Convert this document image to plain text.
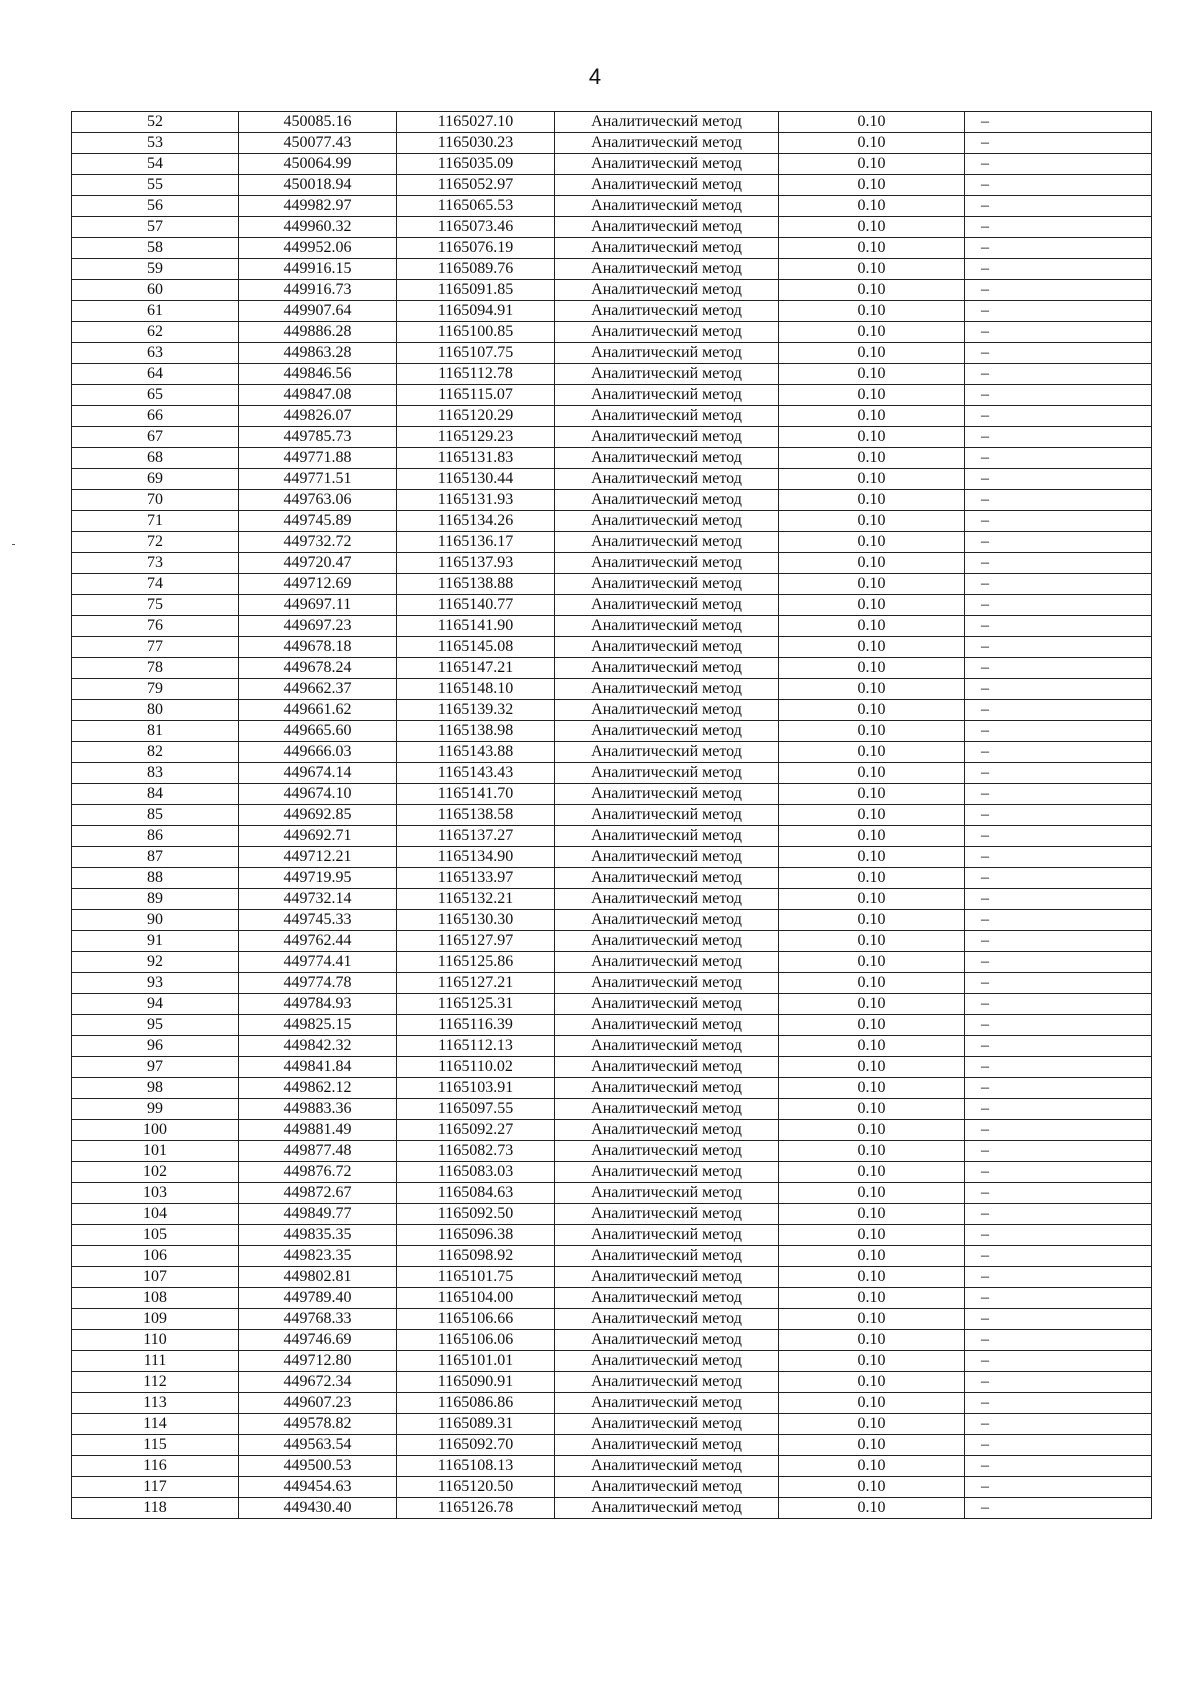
4
52	450085.16	1165027.10	Аналитический метод	0.10	–
53	450077.43	1165030.23	Аналитический метод	0.10	–
54	450064.99	1165035.09	Аналитический метод	0.10	–
55	450018.94	1165052.97	Аналитический метод	0.10	–
56	449982.97	1165065.53	Аналитический метод	0.10	–
57	449960.32	1165073.46	Аналитический метод	0.10	–
58	449952.06	1165076.19	Аналитический метод	0.10	–
59	449916.15	1165089.76	Аналитический метод	0.10	–
60	449916.73	1165091.85	Аналитический метод	0.10	–
61	449907.64	1165094.91	Аналитический метод	0.10	–
62	449886.28	1165100.85	Аналитический метод	0.10	–
63	449863.28	1165107.75	Аналитический метод	0.10	–
64	449846.56	1165112.78	Аналитический метод	0.10	–
65	449847.08	1165115.07	Аналитический метод	0.10	–
66	449826.07	1165120.29	Аналитический метод	0.10	–
67	449785.73	1165129.23	Аналитический метод	0.10	–
68	449771.88	1165131.83	Аналитический метод	0.10	–
69	449771.51	1165130.44	Аналитический метод	0.10	–
70	449763.06	1165131.93	Аналитический метод	0.10	–
71	449745.89	1165134.26	Аналитический метод	0.10	–
72	449732.72	1165136.17	Аналитический метод	0.10	–
73	449720.47	1165137.93	Аналитический метод	0.10	–
74	449712.69	1165138.88	Аналитический метод	0.10	–
75	449697.11	1165140.77	Аналитический метод	0.10	–
76	449697.23	1165141.90	Аналитический метод	0.10	–
77	449678.18	1165145.08	Аналитический метод	0.10	–
78	449678.24	1165147.21	Аналитический метод	0.10	–
79	449662.37	1165148.10	Аналитический метод	0.10	–
80	449661.62	1165139.32	Аналитический метод	0.10	–
81	449665.60	1165138.98	Аналитический метод	0.10	–
82	449666.03	1165143.88	Аналитический метод	0.10	–
83	449674.14	1165143.43	Аналитический метод	0.10	–
84	449674.10	1165141.70	Аналитический метод	0.10	–
85	449692.85	1165138.58	Аналитический метод	0.10	–
86	449692.71	1165137.27	Аналитический метод	0.10	–
87	449712.21	1165134.90	Аналитический метод	0.10	–
88	449719.95	1165133.97	Аналитический метод	0.10	–
89	449732.14	1165132.21	Аналитический метод	0.10	–
90	449745.33	1165130.30	Аналитический метод	0.10	–
91	449762.44	1165127.97	Аналитический метод	0.10	–
92	449774.41	1165125.86	Аналитический метод	0.10	–
93	449774.78	1165127.21	Аналитический метод	0.10	–
94	449784.93	1165125.31	Аналитический метод	0.10	–
95	449825.15	1165116.39	Аналитический метод	0.10	–
96	449842.32	1165112.13	Аналитический метод	0.10	–
97	449841.84	1165110.02	Аналитический метод	0.10	–
98	449862.12	1165103.91	Аналитический метод	0.10	–
99	449883.36	1165097.55	Аналитический метод	0.10	–
100	449881.49	1165092.27	Аналитический метод	0.10	–
101	449877.48	1165082.73	Аналитический метод	0.10	–
102	449876.72	1165083.03	Аналитический метод	0.10	–
103	449872.67	1165084.63	Аналитический метод	0.10	–
104	449849.77	1165092.50	Аналитический метод	0.10	–
105	449835.35	1165096.38	Аналитический метод	0.10	–
106	449823.35	1165098.92	Аналитический метод	0.10	–
107	449802.81	1165101.75	Аналитический метод	0.10	–
108	449789.40	1165104.00	Аналитический метод	0.10	–
109	449768.33	1165106.66	Аналитический метод	0.10	–
110	449746.69	1165106.06	Аналитический метод	0.10	–
111	449712.80	1165101.01	Аналитический метод	0.10	–
112	449672.34	1165090.91	Аналитический метод	0.10	–
113	449607.23	1165086.86	Аналитический метод	0.10	–
114	449578.82	1165089.31	Аналитический метод	0.10	–
115	449563.54	1165092.70	Аналитический метод	0.10	–
116	449500.53	1165108.13	Аналитический метод	0.10	–
117	449454.63	1165120.50	Аналитический метод	0.10	–
118	449430.40	1165126.78	Аналитический метод	0.10	–
